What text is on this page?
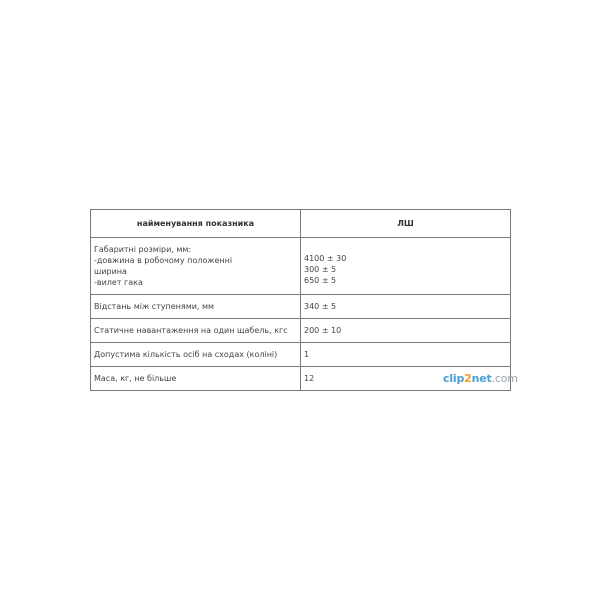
найменування показника	ЛШ

Габаритні розміри, мм:
-довжина в робочому положенні
ширина
-вилет гака	4100 ± 30
300 ± 5
650 ± 5

Відстань між ступенями, мм	340 ± 5
Статичне навантаження на один щабель, кгс	200 ± 10
Допустима кількість осіб на сходах (коліні)	1
Маса, кг, не більше	12	clip2net.com
